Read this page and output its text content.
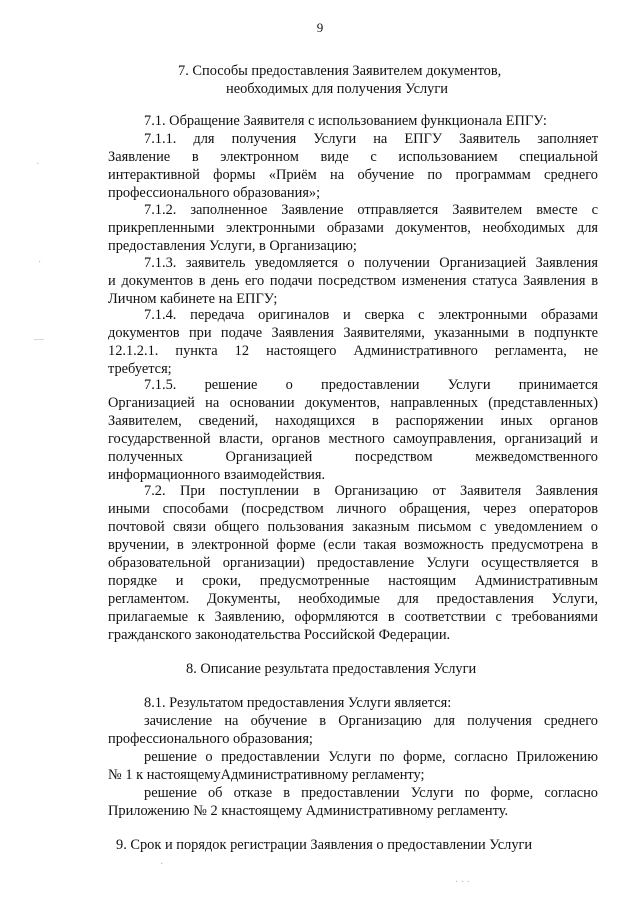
9
7. Способы предоставления Заявителем документов,
необходимых для получения Услуги
7.1. Обращение Заявителя с использованием функционала ЕПГУ:
7.1.1. для получения Услуги на ЕПГУ Заявитель заполняет
Заявление в электронном виде с использованием специальной
интерактивной формы «Приём на обучение по программам среднего
профессионального образования»;
7.1.2. заполненное Заявление отправляется Заявителем вместе с
прикрепленными электронными образами документов, необходимых для
предоставления Услуги, в Организацию;
7.1.3. заявитель уведомляется о получении Организацией Заявления
и документов в день его подачи посредством изменения статуса Заявления в
Личном кабинете на ЕПГУ;
7.1.4. передача оригиналов и сверка с электронными образами
документов при подаче Заявления Заявителями, указанными в подпункте
12.1.2.1. пункта 12 настоящего Административного регламента, не
требуется;
7.1.5. решение о предоставлении Услуги принимается
Организацией на основании документов, направленных (представленных)
Заявителем, сведений, находящихся в распоряжении иных органов
государственной власти, органов местного самоуправления, организаций и
полученных Организацией посредством межведомственного
информационного взаимодействия.
7.2. При поступлении в Организацию от Заявителя Заявления
иными способами (посредством личного обращения, через операторов
почтовой связи общего пользования заказным письмом с уведомлением о
вручении, в электронной форме (если такая возможность предусмотрена в
образовательной организации) предоставление Услуги осуществляется в
порядке и сроки, предусмотренные настоящим Административным
регламентом. Документы, необходимые для предоставления Услуги,
прилагаемые к Заявлению, оформляются в соответствии с требованиями
гражданского законодательства Российской Федерации.
8. Описание результата предоставления Услуги
8.1. Результатом предоставления Услуги является:
зачисление на обучение в Организацию для получения среднего
профессионального образования;
решение о предоставлении Услуги по форме, согласно Приложению
№ 1 к настоящемуАдминистративному регламенту;
решение об отказе в предоставлении Услуги по форме, согласно
Приложению № 2 кнастоящему Административному регламенту.
9. Срок и порядок регистрации Заявления о предоставлении Услуги
·
·
—
·
· · ·
